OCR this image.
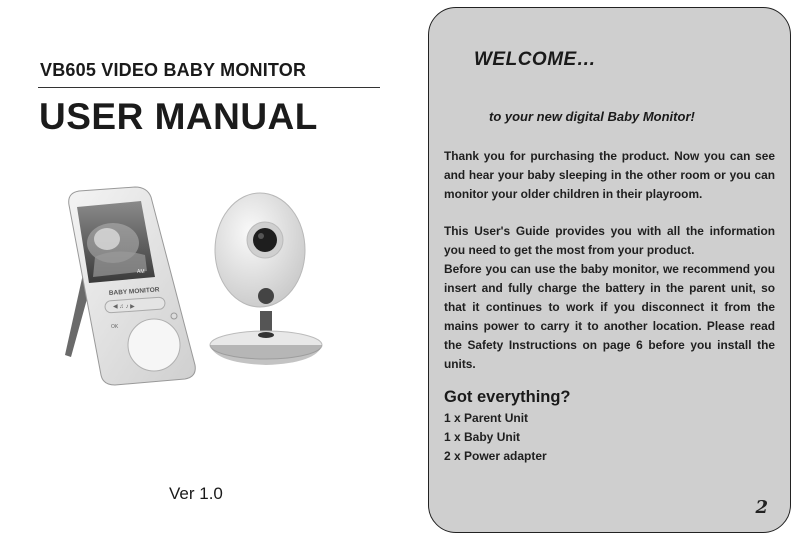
VB605 VIDEO BABY MONITOR
USER MANUAL
AM
BABY MONITOR
◀ ♫ ♪ ▶
OK
Ver 1.0
WELCOME…
to your new digital Baby Monitor!
Thank you for purchasing the product. Now you can see and hear your baby sleeping in the other room or you can monitor your older children in their playroom.
This User's Guide provides you with all the information you need to get the most from your product.
Before you can use the baby monitor, we recommend you insert and fully charge the battery in the parent unit, so that it continues to work if you disconnect it from the mains power to carry it to another location. Please read the Safety Instructions on page 6 before you install the units.
Got everything?
1 x Parent Unit
1 x Baby Unit
2 x Power adapter
2
